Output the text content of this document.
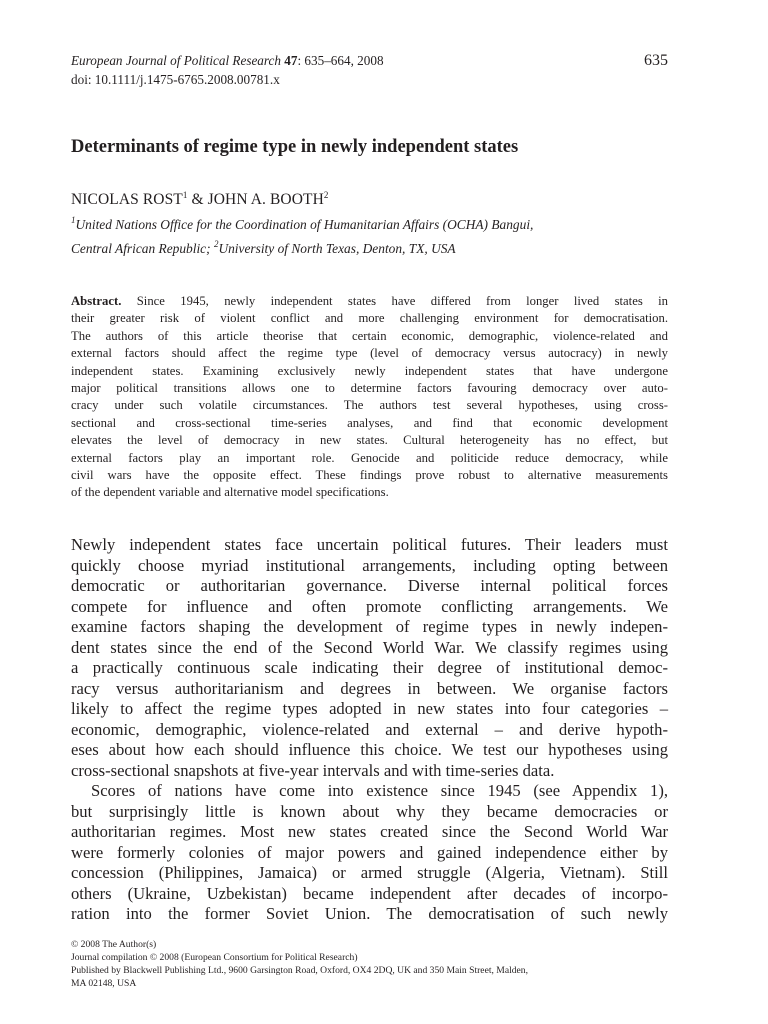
European Journal of Political Research 47: 635–664, 2008
doi: 10.1111/j.1475-6765.2008.00781.x
635
Determinants of regime type in newly independent states
NICOLAS ROST$^1$ & JOHN A. BOOTH$^2$
$^1$United Nations Office for the Coordination of Humanitarian Affairs (OCHA) Bangui,
Central African Republic; $^2$University of North Texas, Denton, TX, USA
Abstract. Since 1945, newly independent states have differed from longer lived states in
their greater risk of violent conflict and more challenging environment for democratisation.
The authors of this article theorise that certain economic, demographic, violence-related and
external factors should affect the regime type (level of democracy versus autocracy) in newly
independent states. Examining exclusively newly independent states that have undergone
major political transitions allows one to determine factors favouring democracy over auto-
cracy under such volatile circumstances. The authors test several hypotheses, using cross-
sectional and cross-sectional time-series analyses, and find that economic development
elevates the level of democracy in new states. Cultural heterogeneity has no effect, but
external factors play an important role. Genocide and politicide reduce democracy, while
civil wars have the opposite effect. These findings prove robust to alternative measurements
of the dependent variable and alternative model specifications.
Newly independent states face uncertain political futures. Their leaders must
quickly choose myriad institutional arrangements, including opting between
democratic or authoritarian governance. Diverse internal political forces
compete for influence and often promote conflicting arrangements. We
examine factors shaping the development of regime types in newly indepen-
dent states since the end of the Second World War. We classify regimes using
a practically continuous scale indicating their degree of institutional democ-
racy versus authoritarianism and degrees in between. We organise factors
likely to affect the regime types adopted in new states into four categories –
economic, demographic, violence-related and external – and derive hypoth-
eses about how each should influence this choice. We test our hypotheses using
cross-sectional snapshots at five-year intervals and with time-series data.
Scores of nations have come into existence since 1945 (see Appendix 1),
but surprisingly little is known about why they became democracies or
authoritarian regimes. Most new states created since the Second World War
were formerly colonies of major powers and gained independence either by
concession (Philippines, Jamaica) or armed struggle (Algeria, Vietnam). Still
others (Ukraine, Uzbekistan) became independent after decades of incorpo-
ration into the former Soviet Union. The democratisation of such newly
© 2008 The Author(s)
Journal compilation © 2008 (European Consortium for Political Research)
Published by Blackwell Publishing Ltd., 9600 Garsington Road, Oxford, OX4 2DQ, UK and 350 Main Street, Malden,
MA 02148, USA
